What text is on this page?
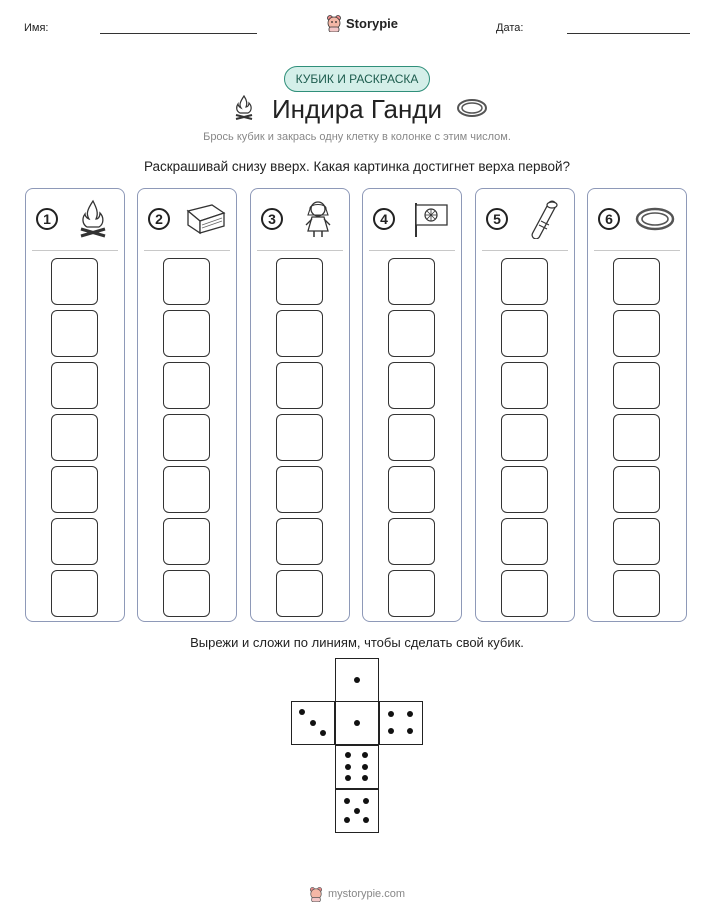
Имя:	Storypie	Дата:
КУБИК И РАСКРАСКА
Индира Ганди
Брось кубик и закрась одну клетку в колонке с этим числом.
Раскрашивай снизу вверх. Какая картинка достигнет верха первой?
1	2	3	4	5	6
Вырежи и сложи по линиям, чтобы сделать свой кубик.
mystorypie.com
